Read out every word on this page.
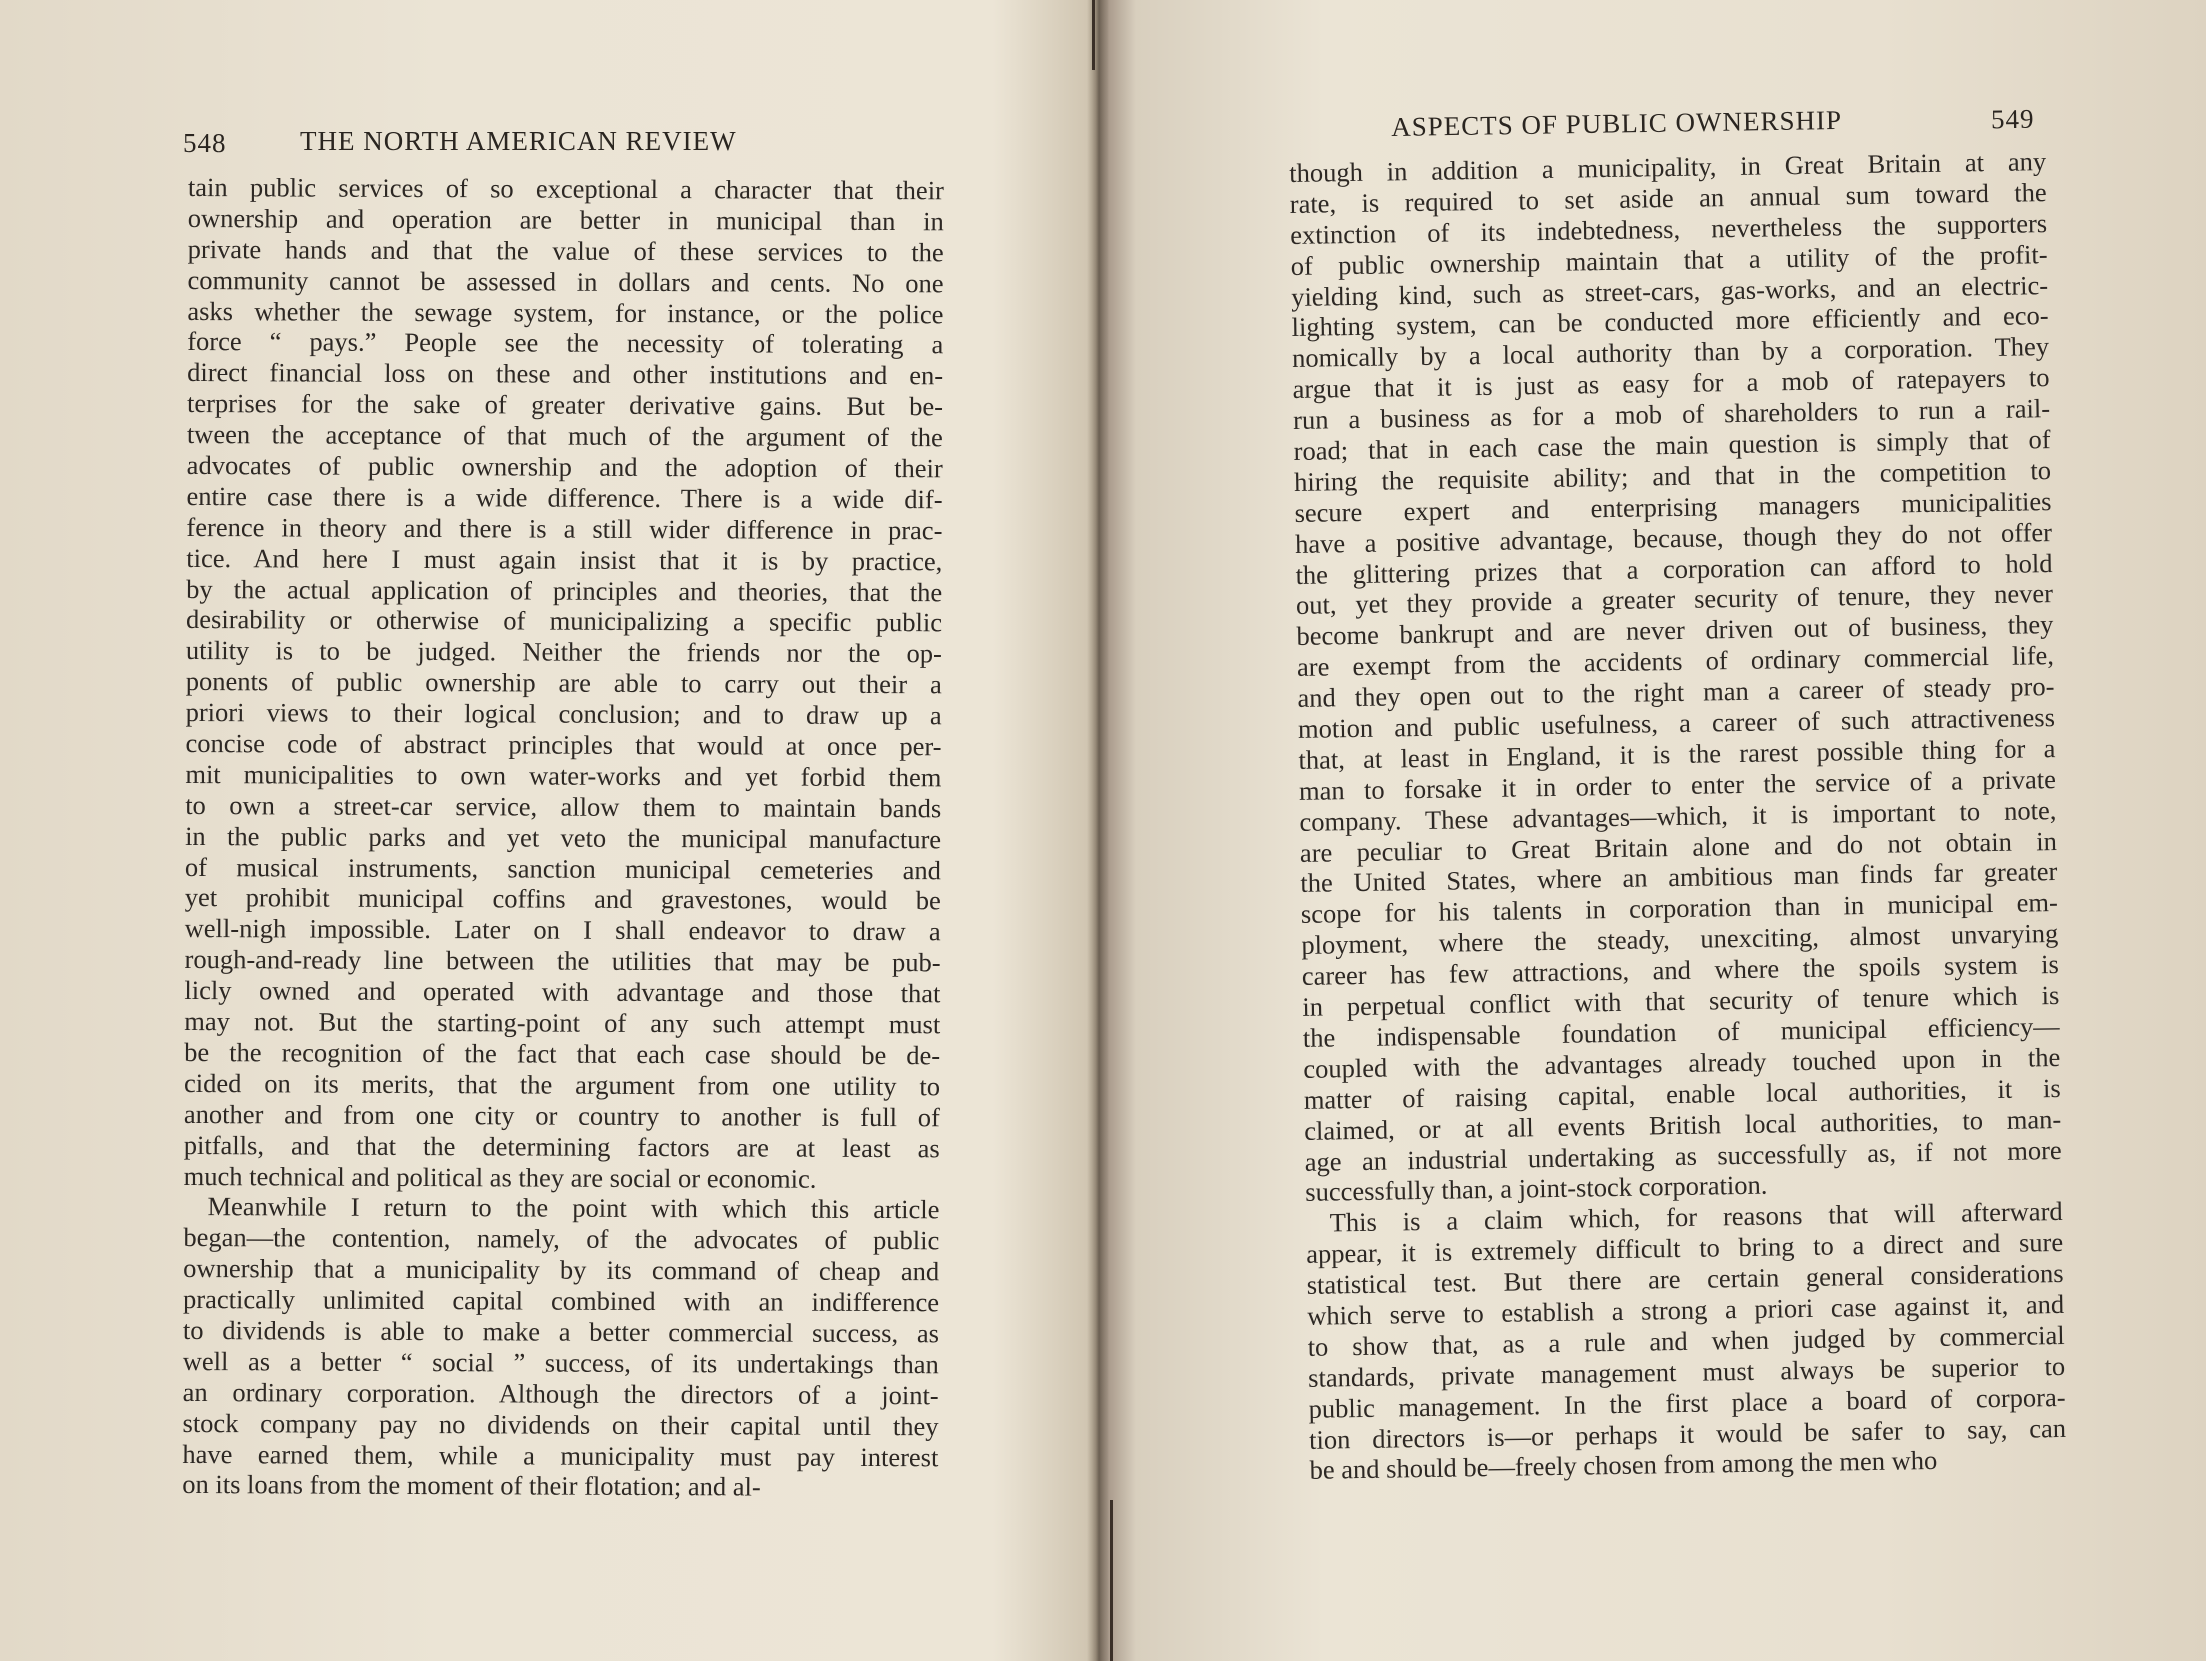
548	THE NORTH AMERICAN REVIEW
tain public services of so exceptional a character that their
ownership and operation are better in municipal than in
private hands and that the value of these services to the
community cannot be assessed in dollars and cents. No one
asks whether the sewage system, for instance, or the police
force “ pays.” People see the necessity of tolerating a
direct financial loss on these and other institutions and en-
terprises for the sake of greater derivative gains. But be-
tween the acceptance of that much of the argument of the
advocates of public ownership and the adoption of their
entire case there is a wide difference. There is a wide dif-
ference in theory and there is a still wider difference in prac-
tice. And here I must again insist that it is by practice,
by the actual application of principles and theories, that the
desirability or otherwise of municipalizing a specific public
utility is to be judged. Neither the friends nor the op-
ponents of public ownership are able to carry out their a
priori views to their logical conclusion; and to draw up a
concise code of abstract principles that would at once per-
mit municipalities to own water-works and yet forbid them
to own a street-car service, allow them to maintain bands
in the public parks and yet veto the municipal manufacture
of musical instruments, sanction municipal cemeteries and
yet prohibit municipal coffins and gravestones, would be
well-nigh impossible. Later on I shall endeavor to draw a
rough-and-ready line between the utilities that may be pub-
licly owned and operated with advantage and those that
may not. But the starting-point of any such attempt must
be the recognition of the fact that each case should be de-
cided on its merits, that the argument from one utility to
another and from one city or country to another is full of
pitfalls, and that the determining factors are at least as
much technical and political as they are social or economic.
Meanwhile I return to the point with which this article
began—the contention, namely, of the advocates of public
ownership that a municipality by its command of cheap and
practically unlimited capital combined with an indifference
to dividends is able to make a better commercial success, as
well as a better “ social ” success, of its undertakings than
an ordinary corporation. Although the directors of a joint-
stock company pay no dividends on their capital until they
have earned them, while a municipality must pay interest
on its loans from the moment of their flotation; and al-
ASPECTS OF PUBLIC OWNERSHIP	549
though in addition a municipality, in Great Britain at any
rate, is required to set aside an annual sum toward the
extinction of its indebtedness, nevertheless the supporters
of public ownership maintain that a utility of the profit-
yielding kind, such as street-cars, gas-works, and an electric-
lighting system, can be conducted more efficiently and eco-
nomically by a local authority than by a corporation. They
argue that it is just as easy for a mob of ratepayers to
run a business as for a mob of shareholders to run a rail-
road; that in each case the main question is simply that of
hiring the requisite ability; and that in the competition to
secure expert and enterprising managers municipalities
have a positive advantage, because, though they do not offer
the glittering prizes that a corporation can afford to hold
out, yet they provide a greater security of tenure, they never
become bankrupt and are never driven out of business, they
are exempt from the accidents of ordinary commercial life,
and they open out to the right man a career of steady pro-
motion and public usefulness, a career of such attractiveness
that, at least in England, it is the rarest possible thing for a
man to forsake it in order to enter the service of a private
company. These advantages—which, it is important to note,
are peculiar to Great Britain alone and do not obtain in
the United States, where an ambitious man finds far greater
scope for his talents in corporation than in municipal em-
ployment, where the steady, unexciting, almost unvarying
career has few attractions, and where the spoils system is
in perpetual conflict with that security of tenure which is
the indispensable foundation of municipal efficiency—
coupled with the advantages already touched upon in the
matter of raising capital, enable local authorities, it is
claimed, or at all events British local authorities, to man-
age an industrial undertaking as successfully as, if not more
successfully than, a joint-stock corporation.
This is a claim which, for reasons that will afterward
appear, it is extremely difficult to bring to a direct and sure
statistical test. But there are certain general considerations
which serve to establish a strong a priori case against it, and
to show that, as a rule and when judged by commercial
standards, private management must always be superior to
public management. In the first place a board of corpora-
tion directors is—or perhaps it would be safer to say, can
be and should be—freely chosen from among the men who
